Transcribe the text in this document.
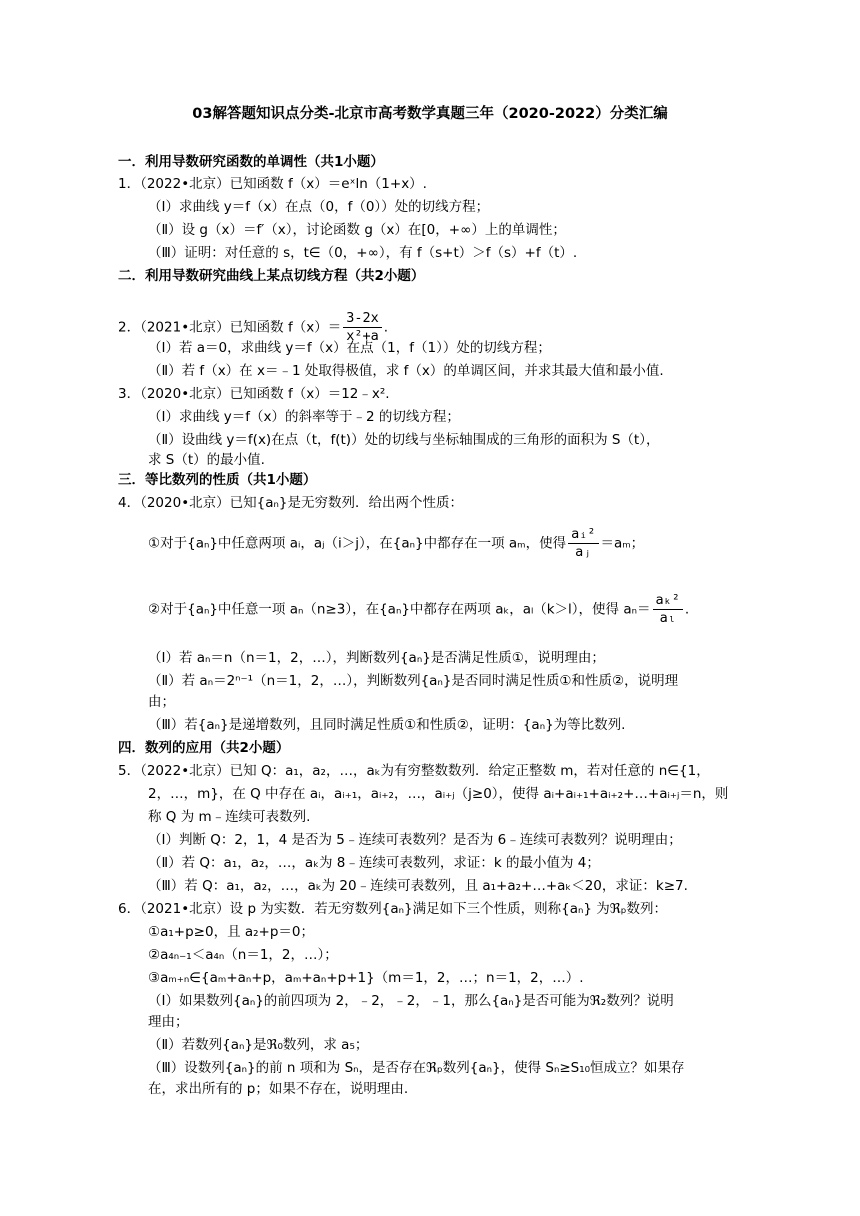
03解答题知识点分类-北京市高考数学真题三年（2020-2022）分类汇编
一．利用导数研究函数的单调性（共1小题）
1．（2022•北京）已知函数 f（x）＝eˣln（1+x）.
（Ⅰ）求曲线 y＝f（x）在点（0，f（0））处的切线方程；
（Ⅱ）设 g（x）＝f′（x），讨论函数 g（x）在[0，+∞）上的单调性；
（Ⅲ）证明：对任意的 s，t∈（0，+∞），有 f（s+t）＞f（s）+f（t）.
二．利用导数研究曲线上某点切线方程（共2小题）
（Ⅰ）若 a＝0，求曲线 y＝f（x）在点（1，f（1））处的切线方程；
（Ⅱ）若 f（x）在 x＝﹣1 处取得极值，求 f（x）的单调区间，并求其最大值和最小值.
3．（2020•北京）已知函数 f（x）＝12﹣x².
（Ⅰ）求曲线 y＝f（x）的斜率等于﹣2 的切线方程；
（Ⅱ）设曲线 y＝f(x)在点（t，f(t)）处的切线与坐标轴围成的三角形的面积为 S（t），
求 S（t）的最小值.
三．等比数列的性质（共1小题）
4．（2020•北京）已知{aₙ}是无穷数列．给出两个性质：
（Ⅰ）若 aₙ＝n（n＝1，2，…），判断数列{aₙ}是否满足性质①，说明理由；
（Ⅱ）若 aₙ＝2ⁿ⁻¹（n＝1，2，…），判断数列{aₙ}是否同时满足性质①和性质②，说明理
由；
（Ⅲ）若{aₙ}是递增数列，且同时满足性质①和性质②，证明：{aₙ}为等比数列.
四．数列的应用（共2小题）
5．（2022•北京）已知 Q：a₁，a₂，…，aₖ为有穷整数数列．给定正整数 m，若对任意的 n∈{1，
2，…，m}，在 Q 中存在 aᵢ，aᵢ₊₁，aᵢ₊₂，…，aᵢ₊ⱼ（j≥0），使得 aᵢ+aᵢ₊₁+aᵢ₊₂+…+aᵢ₊ⱼ＝n，则
称 Q 为 m﹣连续可表数列.
（Ⅰ）判断 Q：2，1，4 是否为 5﹣连续可表数列？是否为 6﹣连续可表数列？说明理由；
（Ⅱ）若 Q：a₁，a₂，…，aₖ为 8﹣连续可表数列，求证：k 的最小值为 4；
（Ⅲ）若 Q：a₁，a₂，…，aₖ为 20﹣连续可表数列，且 a₁+a₂+…+aₖ＜20，求证：k≥7.
6．（2021•北京）设 p 为实数．若无穷数列{aₙ}满足如下三个性质，则称{aₙ} 为ℜₚ数列：
①a₁+p≥0，且 a₂+p＝0；
②a₄ₙ₋₁＜a₄ₙ（n＝1，2，…）；
③aₘ₊ₙ∈{aₘ+aₙ+p，aₘ+aₙ+p+1}（m＝1，2，…；n＝1，2，…）.
（Ⅰ）如果数列{aₙ}的前四项为 2，﹣2，﹣2，﹣1，那么{aₙ}是否可能为ℜ₂数列？说明
理由；
（Ⅱ）若数列{aₙ}是ℜ₀数列，求 a₅；
（Ⅲ）设数列{aₙ}的前 n 项和为 Sₙ，是否存在ℜₚ数列{aₙ}，使得 Sₙ≥S₁₀恒成立？如果存
在，求出所有的 p；如果不存在，说明理由.
2．（2021•北京）已知函数 $f(x)= \frac{3-2x}{\text{x²+a}}$ .
①对于{aₙ}中任意两项 aᵢ，aⱼ（i＞j），在{aₙ}中都存在一项 aₘ，使得 $\frac{\text{aᵢ²}}{\text{aⱼ}} =a_m$；
②对于{aₙ}中任意一项 aₙ（n≥3），在{aₙ}中都存在两项 aₖ，aₗ（k＞l），使得 $a_n= \frac{\text{aₖ²}}{\text{aₗ}}$ .
